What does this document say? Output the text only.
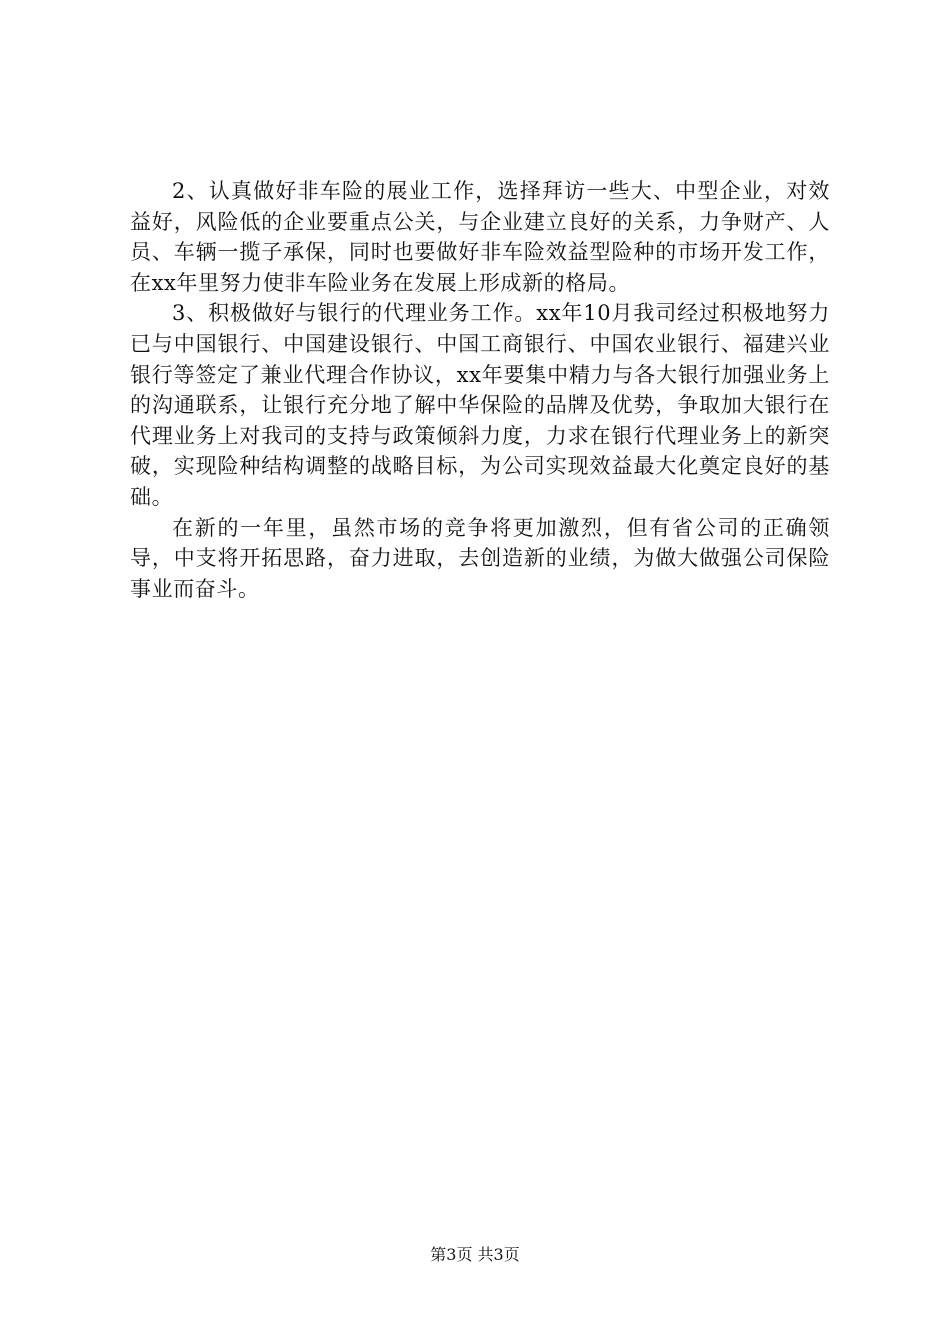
2、认真做好非车险的展业工作，选择拜访一些大、中型企业，对效益好，风险低的企业要重点公关，与企业建立良好的关系，力争财产、人员、车辆一揽子承保，同时也要做好非车险效益型险种的市场开发工作，在xx年里努力使非车险业务在发展上形成新的格局。

3、积极做好与银行的代理业务工作。xx年10月我司经过积极地努力已与中国银行、中国建设银行、中国工商银行、中国农业银行、福建兴业银行等签定了兼业代理合作协议，xx年要集中精力与各大银行加强业务上的沟通联系，让银行充分地了解中华保险的品牌及优势，争取加大银行在代理业务上对我司的支持与政策倾斜力度，力求在银行代理业务上的新突破，实现险种结构调整的战略目标，为公司实现效益最大化奠定良好的基础。

在新的一年里，虽然市场的竞争将更加激烈，但有省公司的正确领导，中支将开拓思路，奋力进取，去创造新的业绩，为做大做强公司保险事业而奋斗。

第3页 共3页
